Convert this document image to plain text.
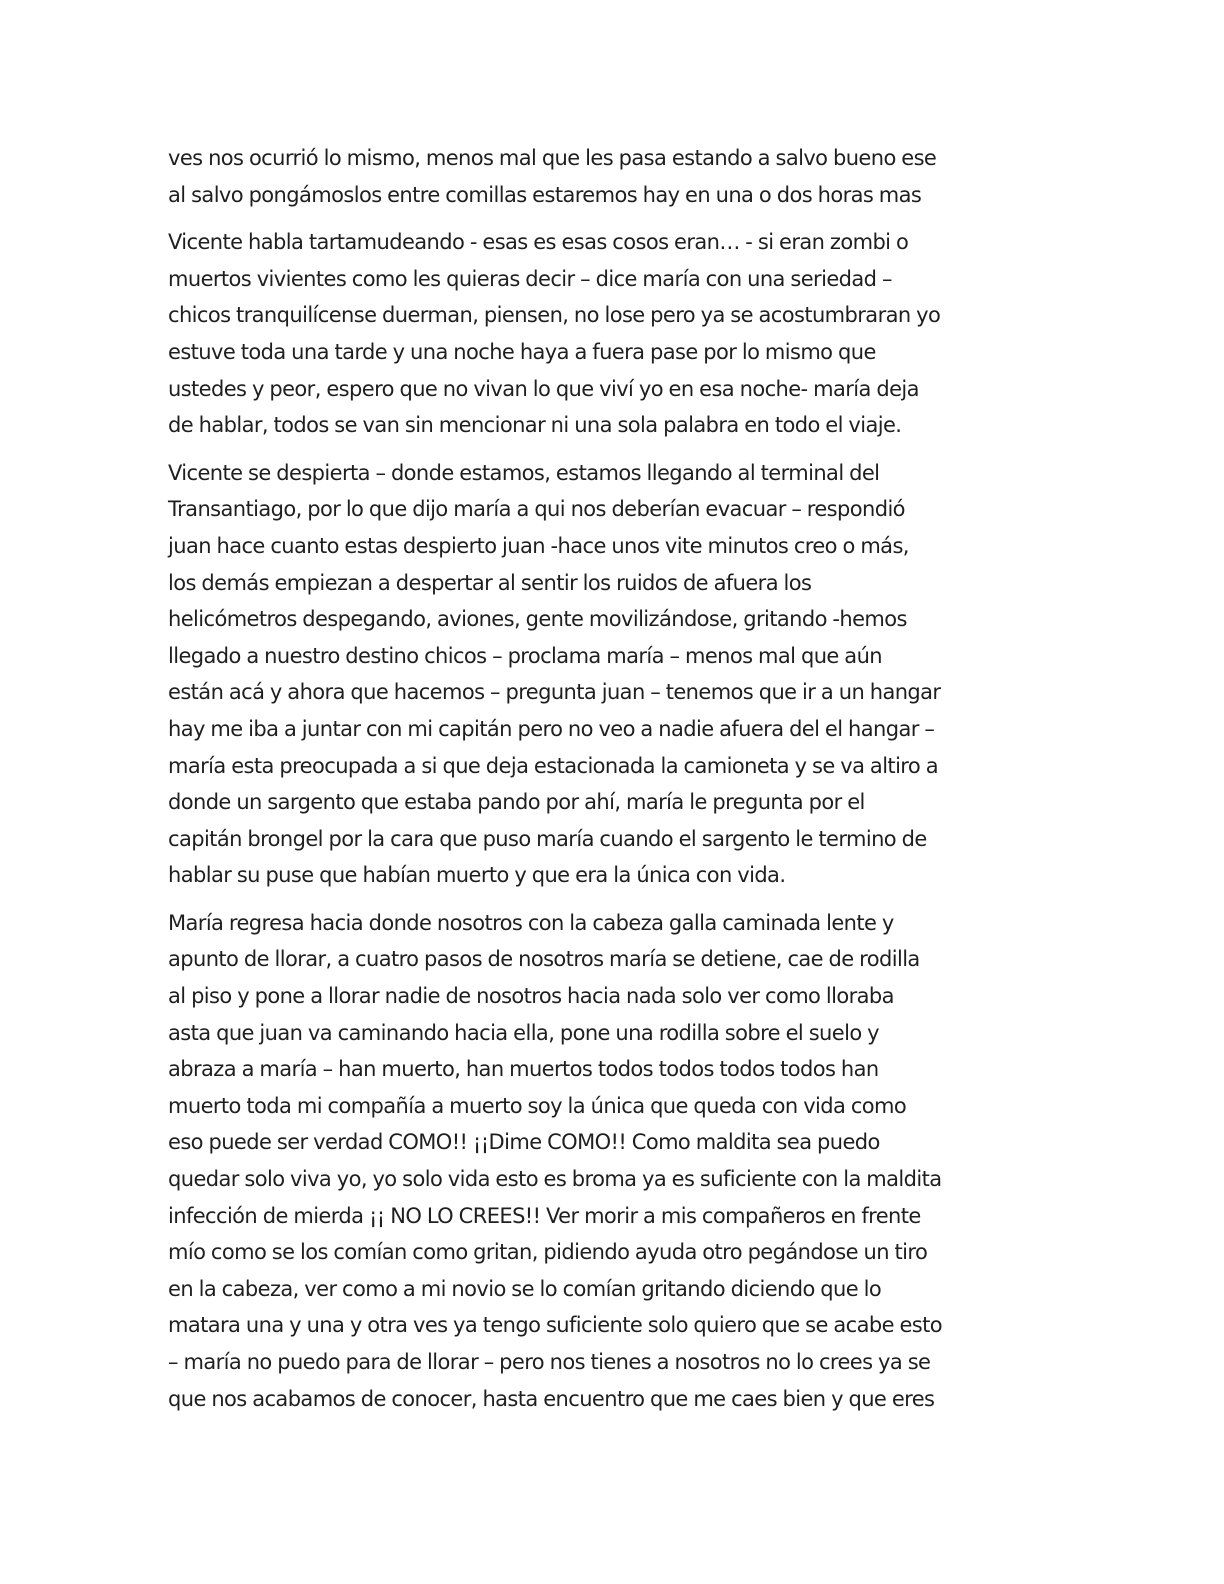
ves nos ocurrió lo mismo, menos mal que les pasa estando a salvo bueno ese
al salvo pongámoslos entre comillas estaremos hay en una o dos horas mas
Vicente habla tartamudeando - esas es esas cosos eran… - si eran zombi o
muertos vivientes como les quieras decir – dice maría con una seriedad –
chicos tranquilícense duerman, piensen, no lose pero ya se acostumbraran yo
estuve toda una tarde y una noche haya a fuera pase por lo mismo que
ustedes y peor, espero que no vivan lo que viví yo en esa noche- maría deja
de hablar, todos se van sin mencionar ni una sola palabra en todo el viaje.
Vicente se despierta – donde estamos, estamos llegando al terminal del
Transantiago, por lo que dijo maría a qui nos deberían evacuar – respondió
juan hace cuanto estas despierto juan -hace unos vite minutos creo o más,
los demás empiezan a despertar al sentir los ruidos de afuera los
helicómetros despegando, aviones, gente movilizándose, gritando -hemos
llegado a nuestro destino chicos – proclama maría – menos mal que aún
están acá y ahora que hacemos – pregunta juan – tenemos que ir a un hangar
hay me iba a juntar con mi capitán pero no veo a nadie afuera del el hangar –
maría esta preocupada a si que deja estacionada la camioneta y se va altiro a
donde un sargento que estaba pando por ahí, maría le pregunta por el
capitán brongel por la cara que puso maría cuando el sargento le termino de
hablar su puse que habían muerto y que era la única con vida.
María regresa hacia donde nosotros con la cabeza galla caminada lente y
apunto de llorar, a cuatro pasos de nosotros maría se detiene, cae de rodilla
al piso y pone a llorar nadie de nosotros hacia nada solo ver como lloraba
asta que juan va caminando hacia ella, pone una rodilla sobre el suelo y
abraza a maría – han muerto, han muertos todos todos todos todos han
muerto toda mi compañía a muerto soy la única que queda con vida como
eso puede ser verdad COMO!! ¡¡Dime COMO!! Como maldita sea puedo
quedar solo viva yo, yo solo vida esto es broma ya es suficiente con la maldita
infección de mierda ¡¡ NO LO CREES!! Ver morir a mis compañeros en frente
mío como se los comían como gritan, pidiendo ayuda otro pegándose un tiro
en la cabeza, ver como a mi novio se lo comían gritando diciendo que lo
matara una y una y otra ves ya tengo suficiente solo quiero que se acabe esto
– maría no puedo para de llorar – pero nos tienes a nosotros no lo crees ya se
que nos acabamos de conocer, hasta encuentro que me caes bien y que eres
